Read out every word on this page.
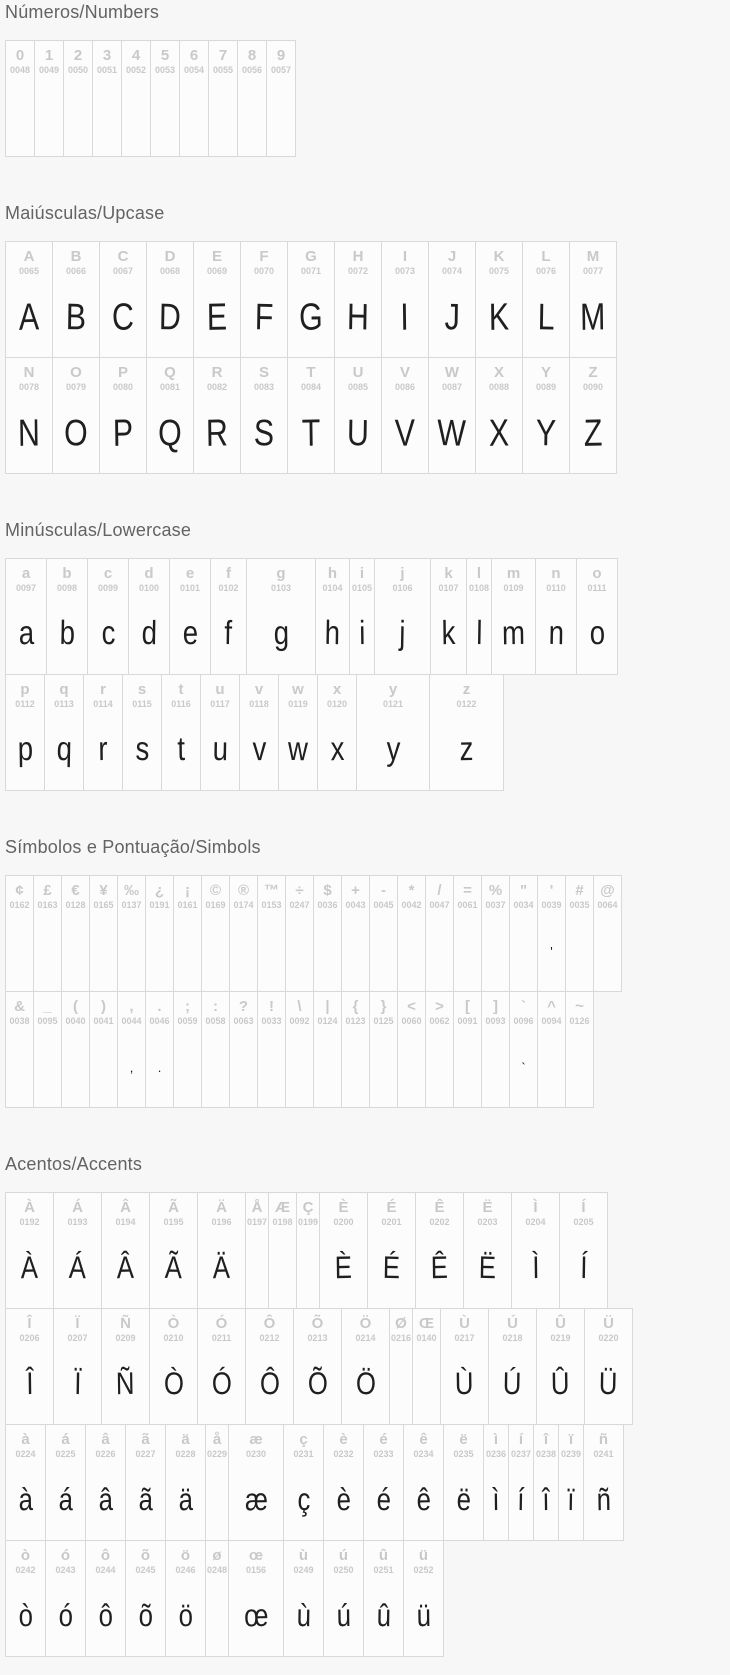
Números/Numbers
0
0048
1
0049
2
0050
3
0051
4
0052
5
0053
6
0054
7
0055
8
0056
9
0057
Maiúsculas/Upcase
A
0065
A
B
0066
B
C
0067
C
D
0068
D
E
0069
E
F
0070
F
G
0071
G
H
0072
H
I
0073
I
J
0074
J
K
0075
K
L
0076
L
M
0077
M
N
0078
N
O
0079
O
P
0080
P
Q
0081
Q
R
0082
R
S
0083
S
T
0084
T
U
0085
U
V
0086
V
W
0087
W
X
0088
X
Y
0089
Y
Z
0090
Z
Minúsculas/Lowercase
a
0097
a
b
0098
b
c
0099
c
d
0100
d
e
0101
e
f
0102
f
g
0103
g
h
0104
h
i
0105
i
j
0106
j
k
0107
k
l
0108
l
m
0109
m
n
0110
n
o
0111
o
p
0112
p
q
0113
q
r
0114
r
s
0115
s
t
0116
t
u
0117
u
v
0118
v
w
0119
w
x
0120
x
y
0121
y
z
0122
z
Símbolos e Pontuação/Simbols
¢
0162
£
0163
€
0128
¥
0165
‰
0137
¿
0191
¡
0161
©
0169
®
0174
™
0153
÷
0247
$
0036
+
0043
-
0045
*
0042
/
0047
=
0061
%
0037
"
0034
'
0039
'
#
0035
@
0064
&
0038
_
0095
(
0040
)
0041
,
0044
,
.
0046
.
;
0059
:
0058
?
0063
!
0033
\
0092
|
0124
{
0123
}
0125
<
0060
>
0062
[
0091
]
0093
`
0096
`
^
0094
~
0126
Acentos/Accents
À
0192
À
Á
0193
Á
Â
0194
Â
Ã
0195
Ã
Ä
0196
Ä
Å
0197
Æ
0198
Ç
0199
È
0200
È
É
0201
É
Ê
0202
Ê
Ë
0203
Ë
Ì
0204
Ì
Í
0205
Í
Î
0206
Î
Ï
0207
Ï
Ñ
0209
Ñ
Ò
0210
Ò
Ó
0211
Ó
Ô
0212
Ô
Õ
0213
Õ
Ö
0214
Ö
Ø
0216
Œ
0140
Ù
0217
Ù
Ú
0218
Ú
Û
0219
Û
Ü
0220
Ü
à
0224
à
á
0225
á
â
0226
â
ã
0227
ã
ä
0228
ä
å
0229
æ
0230
æ
ç
0231
ç
è
0232
è
é
0233
é
ê
0234
ê
ë
0235
ë
ì
0236
ì
í
0237
í
î
0238
î
ï
0239
ï
ñ
0241
ñ
ò
0242
ò
ó
0243
ó
ô
0244
ô
õ
0245
õ
ö
0246
ö
ø
0248
œ
0156
œ
ù
0249
ù
ú
0250
ú
û
0251
û
ü
0252
ü
